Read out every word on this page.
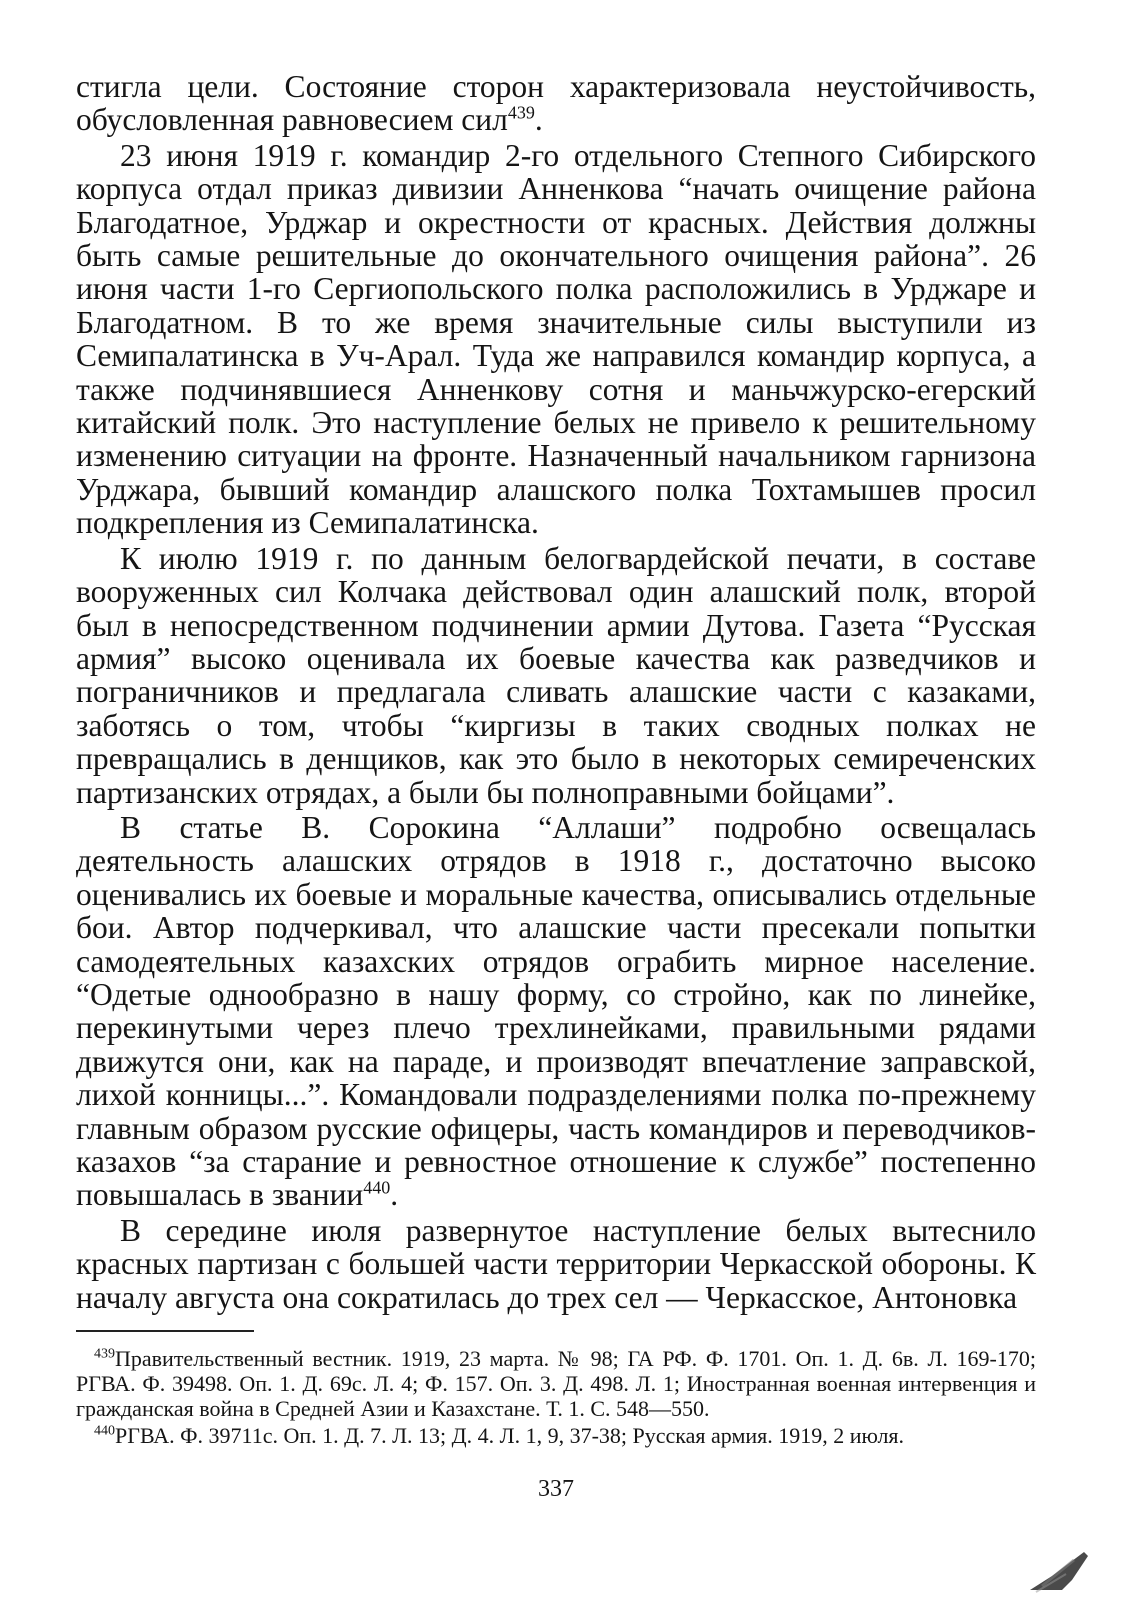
стигла цели. Состояние сторон характеризовала неустойчивость, обусловленная равновесием сил$^{439}$.

23 июня 1919 г. командир 2-го отдельного Степного Сибирского корпуса отдал приказ дивизии Анненкова “начать очищение района Благодатное, Урджар и окрестности от красных. Действия должны быть самые решительные до окончательного очищения района”. 26 июня части 1-го Сергиопольского полка расположились в Урджаре и Благодатном. В то же время значительные силы выступили из Семипалатинска в Уч-Арал. Туда же направился командир корпуса, а также подчинявшиеся Анненкову сотня и маньчжурско-егерский китайский полк. Это наступление белых не привело к решительному изменению ситуации на фронте. Назначенный начальником гарнизона Урджара, бывший командир алашского полка Тохтамышев просил подкрепления из Семипалатинска.

К июлю 1919 г. по данным белогвардейской печати, в составе вооруженных сил Колчака действовал один алашский полк, второй был в непосредственном подчинении армии Дутова. Газета “Русская армия” высоко оценивала их боевые качества как разведчиков и пограничников и предлагала сливать алашские части с казаками, заботясь о том, чтобы “киргизы в таких сводных полках не превращались в денщиков, как это было в некоторых семиреченских партизанских отрядах, а были бы полноправными бойцами”.

В статье В. Сорокина “Аллаши” подробно освещалась деятельность алашских отрядов в 1918 г., достаточно высоко оценивались их боевые и моральные качества, описывались отдельные бои. Автор подчеркивал, что алашские части пресекали попытки самодеятельных казахских отрядов ограбить мирное население. “Одетые однообразно в нашу форму, со стройно, как по линейке, перекинутыми через плечо трехлинейками, правильными рядами движутся они, как на параде, и производят впечатление заправской, лихой конницы...”. Командовали подразделениями полка по-прежнему главным образом русские офицеры, часть командиров и переводчиков-казахов “за старание и ревностное отношение к службе” постепенно повышалась в звании$^{440}$.

В середине июля развернутое наступление белых вытеснило красных партизан с большей части территории Черкасской обороны. К началу августа она сократилась до трех сел — Черкасское, Антоновка

$^{439}$Правительственный вестник. 1919, 23 марта. № 98; ГА РФ. Ф. 1701. Оп. 1. Д. 6в. Л. 169-170; РГВА. Ф. 39498. Оп. 1. Д. 69с. Л. 4; Ф. 157. Оп. 3. Д. 498. Л. 1; Иностранная военная интервенция и гражданская война в Средней Азии и Казахстане. Т. 1. С. 548—550.

$^{440}$РГВА. Ф. 39711с. Оп. 1. Д. 7. Л. 13; Д. 4. Л. 1, 9, 37-38; Русская армия. 1919, 2 июля.

337
